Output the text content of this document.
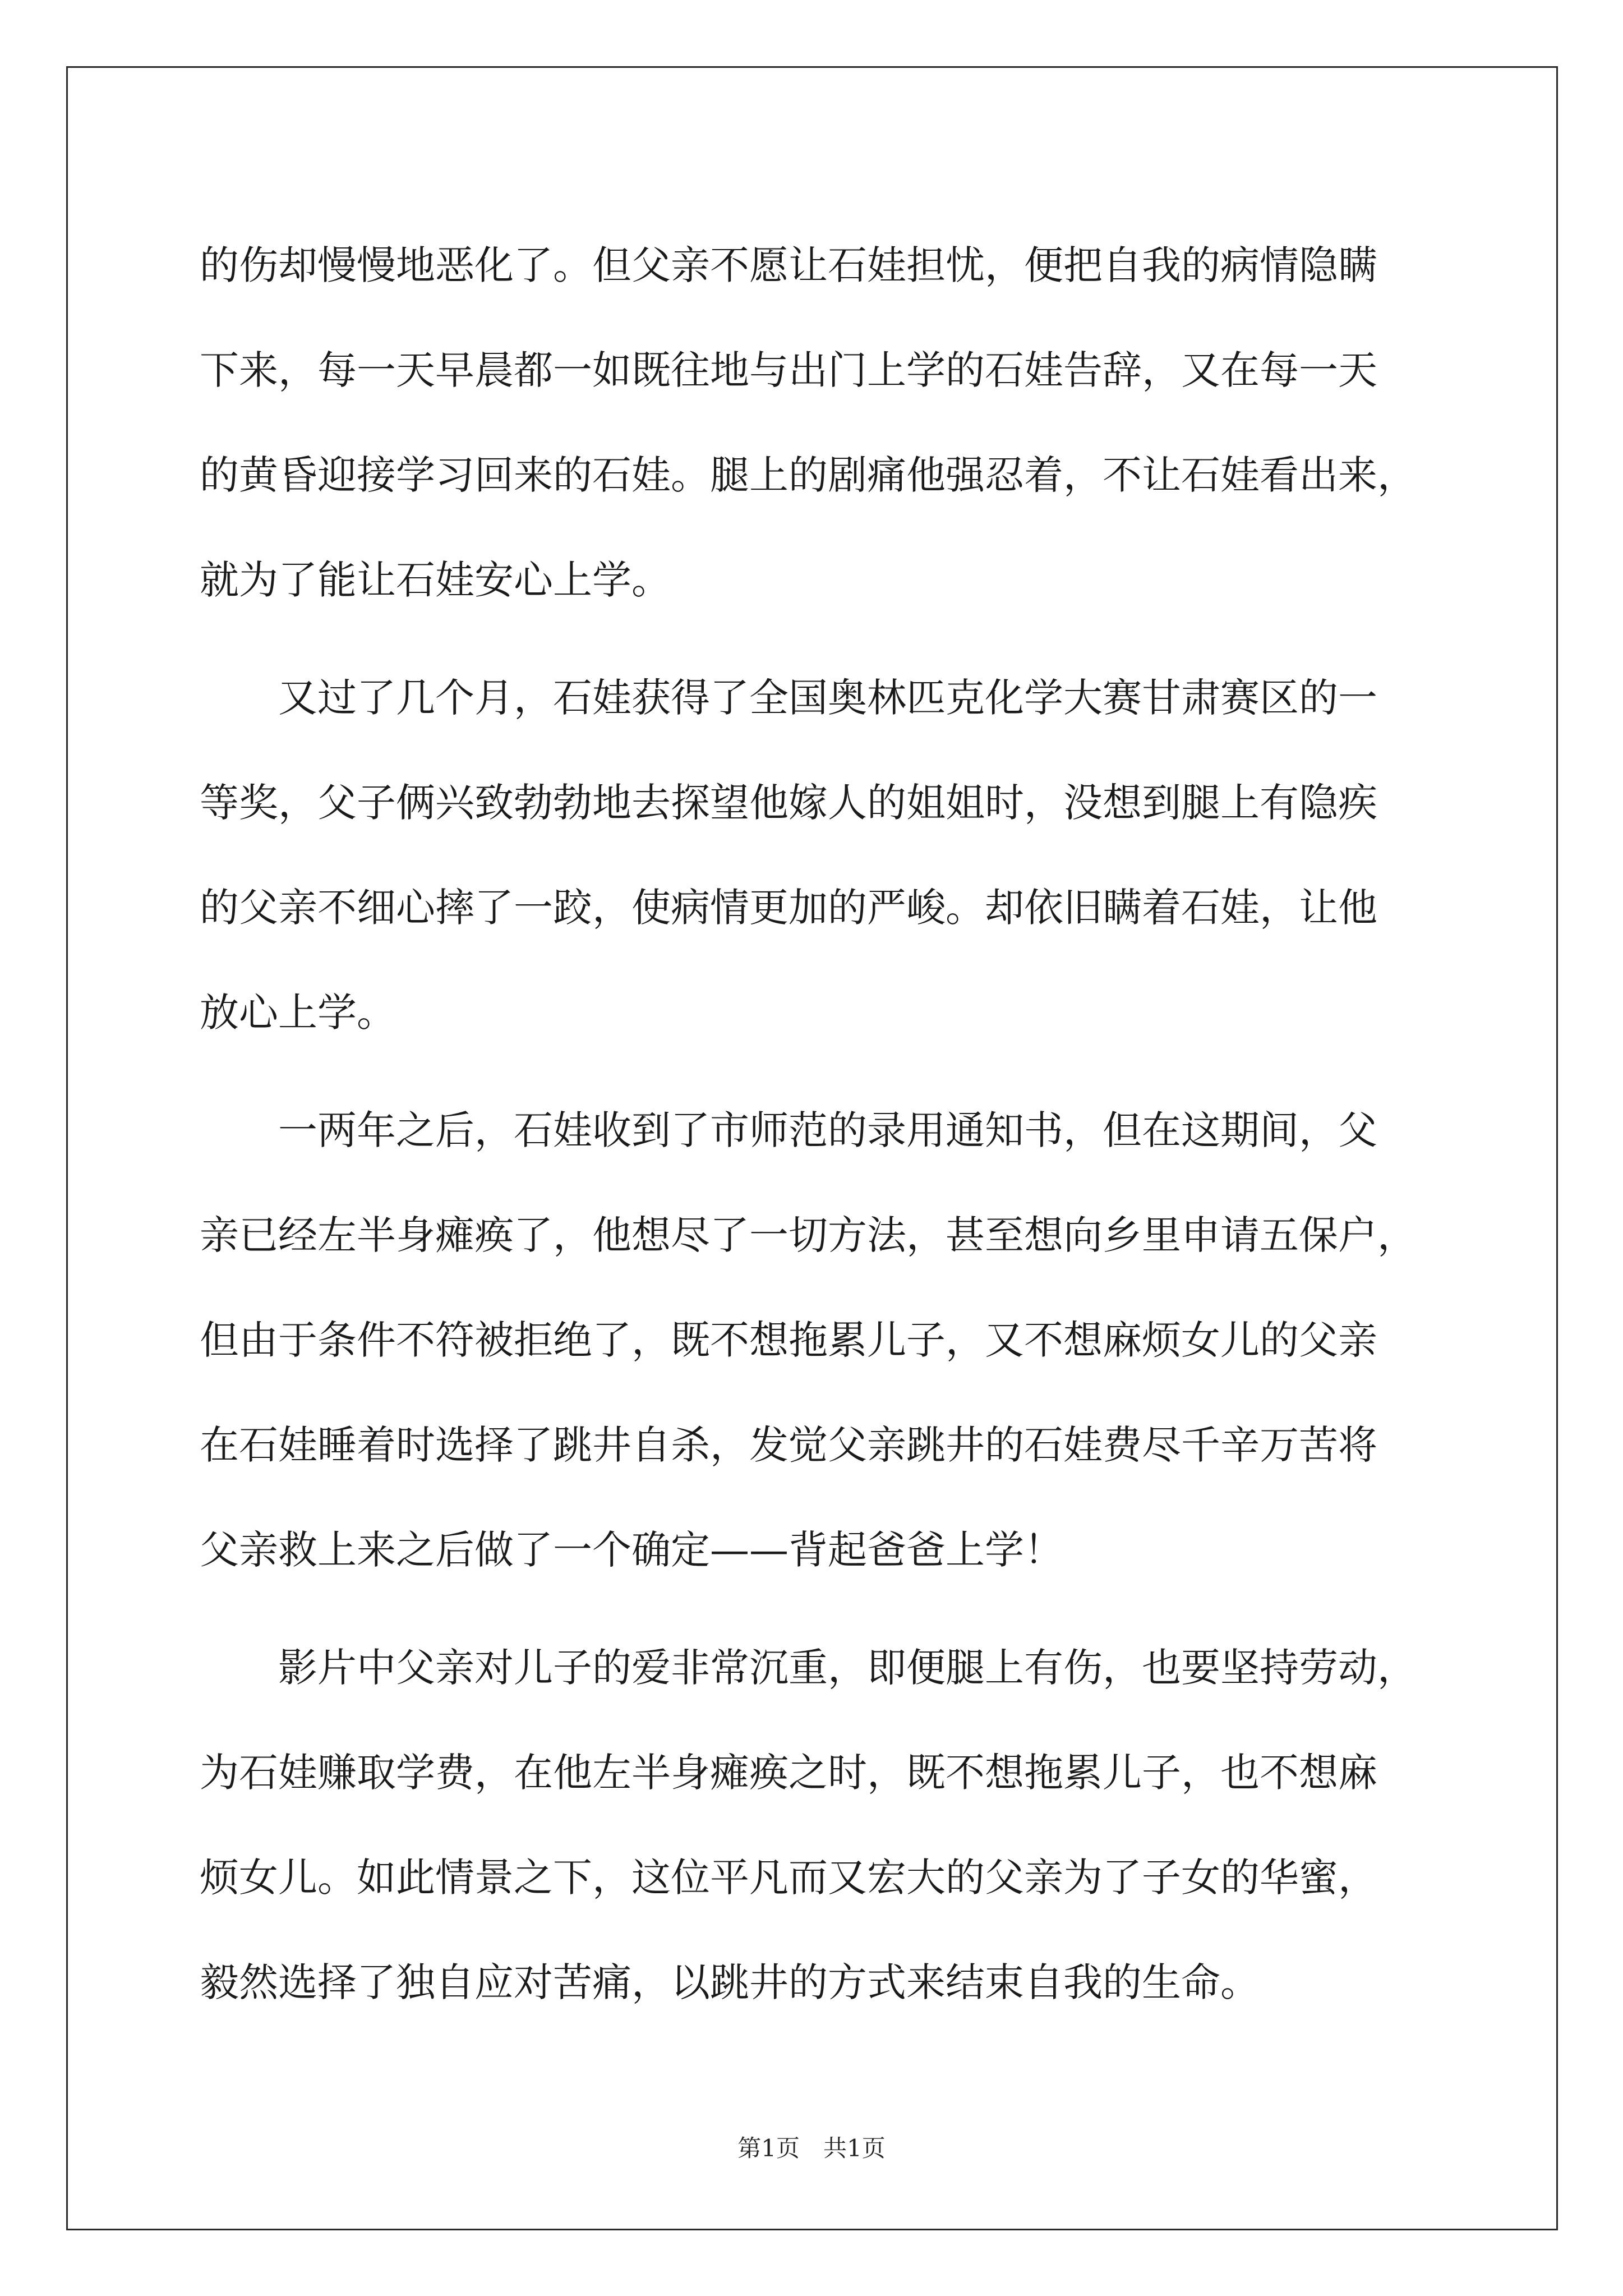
的伤却慢慢地恶化了。但父亲不愿让石娃担忧，便把自我的病情隐瞒
下来，每一天早晨都一如既往地与出门上学的石娃告辞，又在每一天
的黄昏迎接学习回来的石娃。腿上的剧痛他强忍着，不让石娃看出来，
就为了能让石娃安心上学。
　　又过了几个月，石娃获得了全国奥林匹克化学大赛甘肃赛区的一
等奖，父子俩兴致勃勃地去探望他嫁人的姐姐时，没想到腿上有隐疾
的父亲不细心摔了一跤，使病情更加的严峻。却依旧瞒着石娃，让他
放心上学。
　　一两年之后，石娃收到了市师范的录用通知书，但在这期间，父
亲已经左半身瘫痪了，他想尽了一切方法，甚至想向乡里申请五保户，
但由于条件不符被拒绝了，既不想拖累儿子，又不想麻烦女儿的父亲
在石娃睡着时选择了跳井自杀，发觉父亲跳井的石娃费尽千辛万苦将
父亲救上来之后做了一个确定——背起爸爸上学！
　　影片中父亲对儿子的爱非常沉重，即便腿上有伤，也要坚持劳动，
为石娃赚取学费，在他左半身瘫痪之时，既不想拖累儿子，也不想麻
烦女儿。如此情景之下，这位平凡而又宏大的父亲为了子女的华蜜，
毅然选择了独自应对苦痛，以跳井的方式来结束自我的生命。
第1页　共1页
